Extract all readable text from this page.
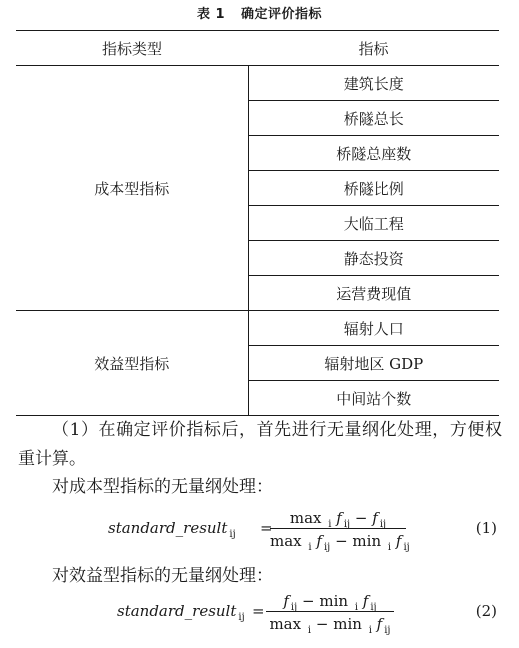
表 1 确定评价指标
指标类型	指标
成本型指标	建筑长度
	桥隧总长
	桥隧总座数
	桥隧比例
	大临工程
	静态投资
	运营费现值
效益型指标	辐射人口
	辐射地区 GDP
	中间站个数
（1）在确定评价指标后，首先进行无量纲化处理，方便权重计算。
对成本型指标的无量纲处理：
standard_result $_{ij}$ =
max $_i$ f $_{ij}$ − f $_{ij}$
max $_i$ f $_{ij}$ − min $_i$ f $_{ij}$
(1)
对效益型指标的无量纲处理：
standard_result $_{ij}$ =
f $_{ij}$ − min $_i$ f $_{ij}$
max $_i$ − min $_i$ f $_{ij}$
(2)
